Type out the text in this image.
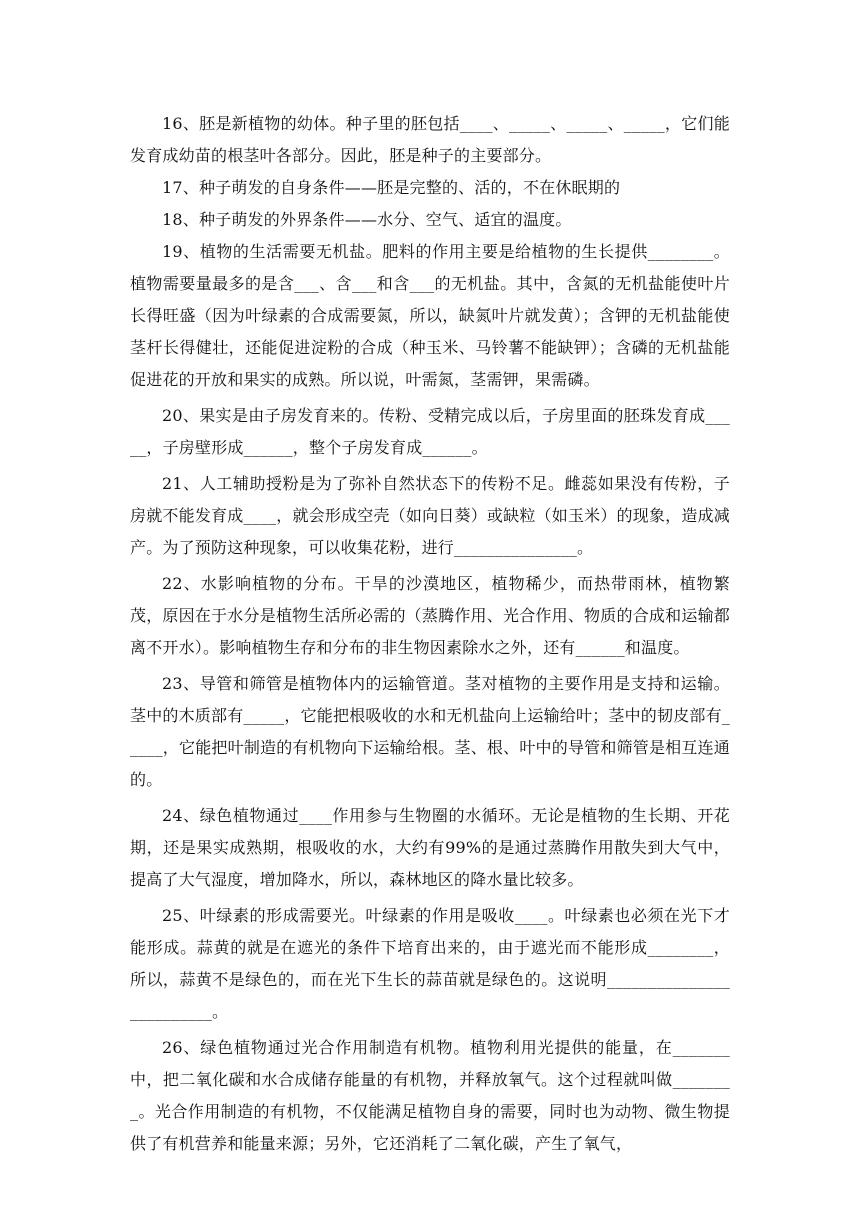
16、胚是新植物的幼体。种子里的胚包括____、_____、_____、_____，它们能发育成幼苗的根茎叶各部分。因此，胚是种子的主要部分。

17、种子萌发的自身条件——胚是完整的、活的，不在休眠期的

18、种子萌发的外界条件——水分、空气、适宜的温度。

19、植物的生活需要无机盐。肥料的作用主要是给植物的生长提供________。植物需要量最多的是含___、含___和含___的无机盐。其中，含氮的无机盐能使叶片长得旺盛（因为叶绿素的合成需要氮，所以，缺氮叶片就发黄）；含钾的无机盐能使茎杆长得健壮，还能促进淀粉的合成（种玉米、马铃薯不能缺钾）；含磷的无机盐能促进花的开放和果实的成熟。所以说，叶需氮，茎需钾，果需磷。

20、果实是由子房发育来的。传粉、受精完成以后，子房里面的胚珠发育成_____，子房壁形成______，整个子房发育成______。

21、人工辅助授粉是为了弥补自然状态下的传粉不足。雌蕊如果没有传粉，子房就不能发育成____，就会形成空壳（如向日葵）或缺粒（如玉米）的现象，造成减产。为了预防这种现象，可以收集花粉，进行_______________。

22、水影响植物的分布。干旱的沙漠地区，植物稀少，而热带雨林，植物繁茂，原因在于水分是植物生活所必需的（蒸腾作用、光合作用、物质的合成和运输都离不开水）。影响植物生存和分布的非生物因素除水之外，还有______和温度。

23、导管和筛管是植物体内的运输管道。茎对植物的主要作用是支持和运输。茎中的木质部有_____，它能把根吸收的水和无机盐向上运输给叶；茎中的韧皮部有_____，它能把叶制造的有机物向下运输给根。茎、根、叶中的导管和筛管是相互连通的。

24、绿色植物通过____作用参与生物圈的水循环。无论是植物的生长期、开花期，还是果实成熟期，根吸收的水，大约有99%的是通过蒸腾作用散失到大气中，提高了大气湿度，增加降水，所以，森林地区的降水量比较多。

25、叶绿素的形成需要光。叶绿素的作用是吸收____。叶绿素也必须在光下才能形成。蒜黄的就是在遮光的条件下培育出来的，由于遮光而不能形成________，所以，蒜黄不是绿色的，而在光下生长的蒜苗就是绿色的。这说明_________________________。

26、绿色植物通过光合作用制造有机物。植物利用光提供的能量，在_______中，把二氧化碳和水合成储存能量的有机物，并释放氧气。这个过程就叫做________。光合作用制造的有机物，不仅能满足植物自身的需要，同时也为动物、微生物提供了有机营养和能量来源；另外，它还消耗了二氧化碳，产生了氧气，
